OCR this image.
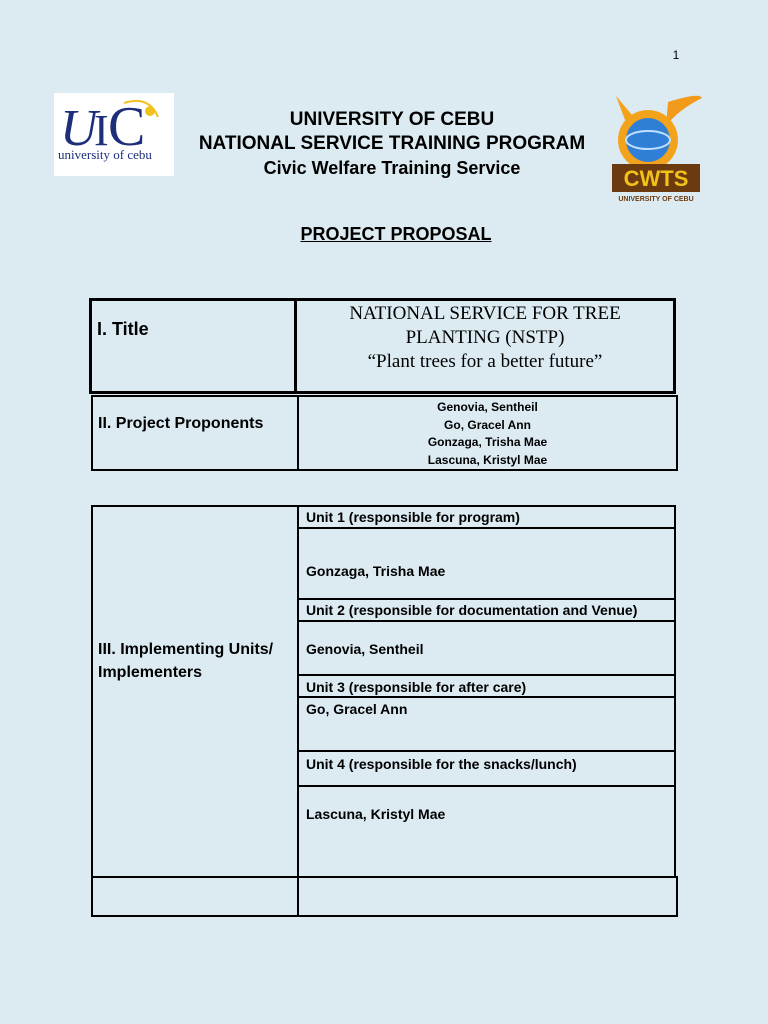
1
U
I C
university of cebu
UNIVERSITY OF CEBU
NATIONAL SERVICE TRAINING PROGRAM
Civic Welfare Training Service	CWTS
UNIVERSITY OF CEBU
PROJECT PROPOSAL
I. Title
NATIONAL SERVICE FOR TREE
PLANTING (NSTP)
“Plant trees for a better future”
II. Project Proponents
Genovia, Sentheil
Go, Gracel Ann
Gonzaga, Trisha Mae
Lascuna, Kristyl Mae
III. Implementing Units/
Implementers
Unit 1 (responsible for program)
Gonzaga, Trisha Mae
Unit 2 (responsible for documentation and Venue)
Genovia, Sentheil
Unit 3 (responsible for after care)
Go, Gracel Ann
Unit 4 (responsible for the snacks/lunch)
Lascuna, Kristyl Mae
